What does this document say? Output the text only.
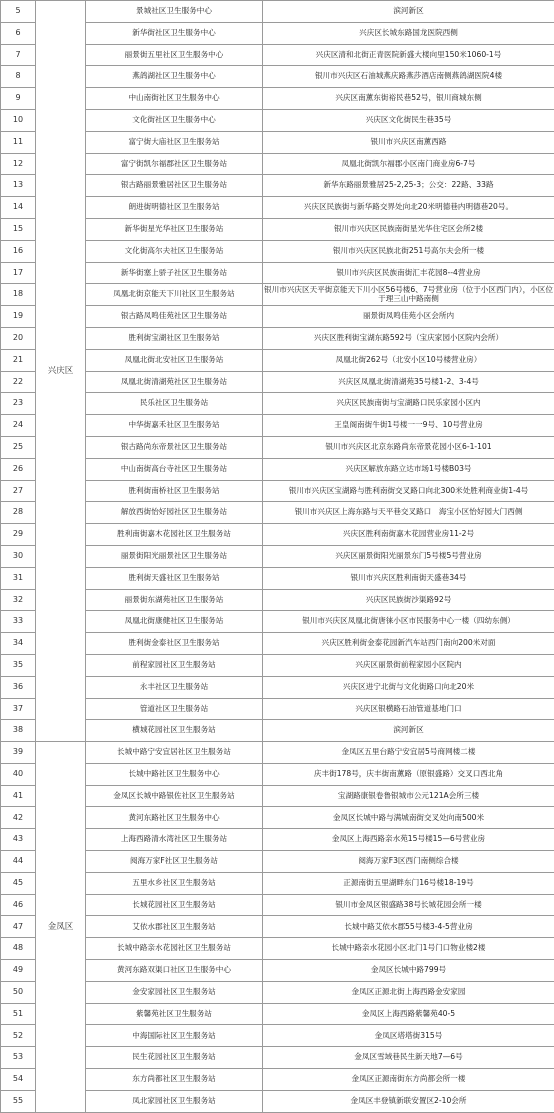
5	兴庆区	景城社区卫生服务中心	滨河新区
6		新华街社区卫生服务中心	兴庆区长城东路国龙医院西侧
7		丽景街五里社区卫生服务中心	兴庆区清和北街正青医院新盛大楼向里150米1060-1号
8		燕鸽湖社区卫生服务中心	银川市兴庆区石油城燕庆路燕莎酒店南侧燕鸽湖医院4楼
9		中山南街社区卫生服务中心	兴庆区南薰东街裕民巷52号，银川商城东侧
10		文化街社区卫生服务中心	兴庆区文化街民生巷35号
11		富宁街大庙社区卫生服务站	银川市兴庆区南薰西路
12		富宁街凯尔福郡社区卫生服务站	凤凰北街凯尔福郡小区南门商业房6-7号
13		银古路丽景雅居社区卫生服务站	新华东路丽景雅居25-2,25-3；公交：22路、33路
14		朗进街明德社区卫生服务站	兴庆区民族街与新华路交界处向北20米明德巷内明德巷20号。
15		新华街星光华社区卫生服务站	银川市兴庆区民族南街星光华住宅区会所2楼
16		文化街高尔夫社区卫生服务站	银川市兴庆区民族北街251号高尔夫会所一楼
17		新华街塞上骄子社区卫生服务站	银川市兴庆区民族南街汇丰花园8--4营业房
18		凤凰北街京能天下川社区卫生服务站	银川市兴庆区天平街京能天下川小区56号楼6、7号营业房（位于小区西门内），小区位于理三山中路南侧
19		银古路凤鸣佳苑社区卫生服务站	丽景街凤鸣佳苑小区会所内
20		胜利街宝湖社区卫生服务站	兴庆区胜利街宝湖东路592号（宝庆家园小区院内会所）
21		凤凰北街北安社区卫生服务站	凤凰北街262号（北安小区10号楼营业房）
22		凤凰北街清湖苑社区卫生服务站	兴庆区凤凰北街清湖苑35号楼1-2、3-4号
23		民乐社区卫生服务站	兴庆区民族南街与宝湖路口民乐家园小区内
24		中华街嘉禾社区卫生服务站	王皇阁南街牛街1号楼一一9号、10号营业房
25		银古路尚东帝景社区卫生服务站	银川市兴庆区北京东路尚东帝景花园小区6-1-101
26		中山南街高台寺社区卫生服务站	兴庆区解放东路立达市场1号楼B03号
27		胜利街南桥社区卫生服务站	银川市兴庆区宝湖路与胜利南街交叉路口向北300米处胜利商业街1-4号
28		解放西街怡好园社区卫生服务站	银川市兴庆区上海东路与天平巷交叉路口　海宝小区怡好园大门西侧
29		胜利南街嘉木花园社区卫生服务站	兴庆区胜利南街嘉木花园营业房11-2号
30		丽景街阳光丽景社区卫生服务站	兴庆区丽景街阳光丽景东门5号楼5号营业房
31		胜利街天盛社区卫生服务站	银川市兴庆区胜利南街天盛巷34号
32		丽景街东湖苑社区卫生服务站	兴庆区民族街沙渠路92号
33		凤凰北街康健社区卫生服务站	银川市兴庆区凤凰北街唐徕小区市民服务中心一楼（四幼东侧）
34		胜利街金泰社区卫生服务站	兴庆区胜利街金泰花园新汽车站西门南向200米对面
35		前程家园社区卫生服务站	兴庆区丽景街前程家园小区院内
36		永丰社区卫生服务站	兴庆区进宁北街与文化街路口向北20米
37		管道社区卫生服务站	兴庆区银横路石油管道基地门口
38		横城花园社区卫生服务站	滨河新区
39	金凤区	长城中路宁安宜居社区卫生服务站	金凤区五里台路宁安宜居5号商网楼二楼
40		长城中路社区卫生服务中心	庆丰街178号，庆丰街南薰路（原银盛路）交叉口西北角
41		金凤区长城中路银佐社区卫生服务站	宝湖路康银卷鲁银城市公元121A会所三楼
42		黄河东路社区卫生服务中心	金凤区长城中路与满城南街交叉处向南500米
43		上海西路清水湾社区卫生服务站	金凤区上海西路亲水苑15号楼15—6号营业房
44		阅海万家F社区卫生服务站	阅海万家F3区西门南侧综合楼
45		五里水乡社区卫生服务站	正源南街五里湖畔东门16号楼18-19号
46		长城花园社区卫生服务站	银川市金凤区银盛路38号长城花园会所一楼
47		艾依水郡社区卫生服务站	长城中路艾依水郡55号楼3-4-5营业房
48		长城中路亲水花园社区卫生服务站	长城中路亲水花园小区北门1号门口物业楼2楼
49		黄河东路双渠口社区卫生服务中心	金凤区长城中路799号
50		金安家园社区卫生服务站	金凤区正源北街上海西路金安家园
51		紫馨苑社区卫生服务站	金凤区上海西路紫馨苑40-5
52		中海国际社区卫生服务站	金凤区塔塔街315号
53		民生花园社区卫生服务站	金凤区雪域巷民生新天地7—6号
54		东方尚都社区卫生服务站	金凤区正源南街东方尚都会所一楼
55		凤北家园社区卫生服务站	金凤区丰登镇新联安置区2-10会所
